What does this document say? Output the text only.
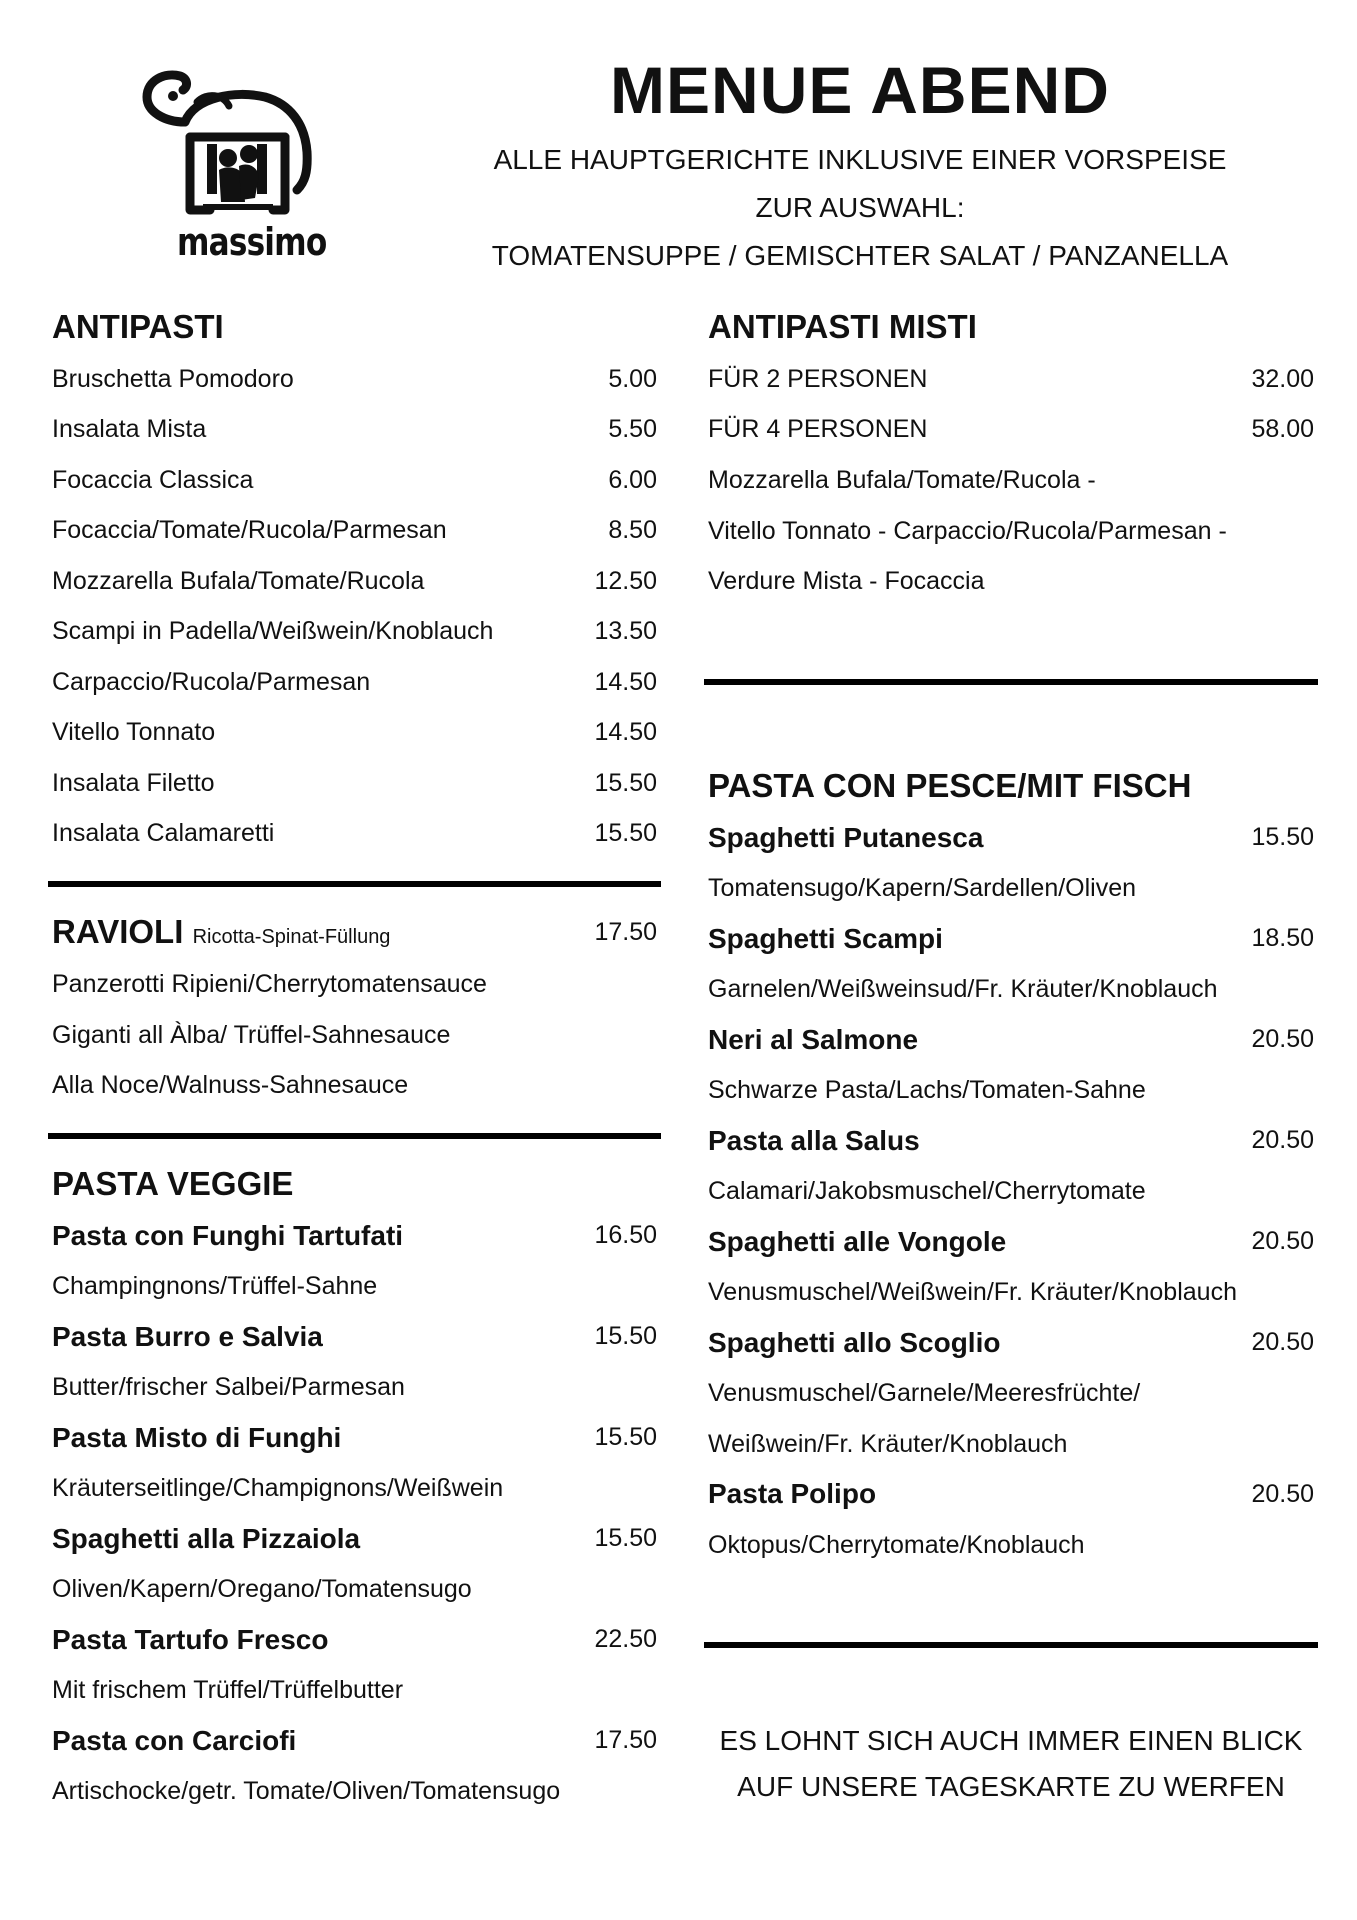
massimo
MENUE ABEND
ALLE HAUPTGERICHTE INKLUSIVE EINER VORSPEISE
ZUR AUSWAHL:
TOMATENSUPPE / GEMISCHTER SALAT / PANZANELLA
ANTIPASTI
Bruschetta Pomodoro	5.00
Insalata Mista	5.50
Focaccia Classica	6.00
Focaccia/Tomate/Rucola/Parmesan	8.50
Mozzarella Bufala/Tomate/Rucola	12.50
Scampi in Padella/Weißwein/Knoblauch	13.50
Carpaccio/Rucola/Parmesan	14.50
Vitello Tonnato	14.50
Insalata Filetto	15.50
Insalata Calamaretti	15.50
RAVIOLI Ricotta-Spinat-Füllung	17.50
Panzerotti Ripieni/Cherrytomatensauce
Giganti all Àlba/ Trüffel-Sahnesauce
Alla Noce/Walnuss-Sahnesauce
PASTA VEGGIE
Pasta con Funghi Tartufati	16.50
Champingnons/Trüffel-Sahne
Pasta Burro e Salvia	15.50
Butter/frischer Salbei/Parmesan
Pasta Misto di Funghi	15.50
Kräuterseitlinge/Champignons/Weißwein
Spaghetti alla Pizzaiola	15.50
Oliven/Kapern/Oregano/Tomatensugo
Pasta Tartufo Fresco	22.50
Mit frischem Trüffel/Trüffelbutter
Pasta con Carciofi	17.50
Artischocke/getr. Tomate/Oliven/Tomatensugo
ANTIPASTI MISTI
FÜR 2 PERSONEN	32.00
FÜR 4 PERSONEN	58.00
Mozzarella Bufala/Tomate/Rucola -
Vitello Tonnato - Carpaccio/Rucola/Parmesan -
Verdure Mista - Focaccia
PASTA CON PESCE/MIT FISCH
Spaghetti Putanesca	15.50
Tomatensugo/Kapern/Sardellen/Oliven
Spaghetti Scampi	18.50
Garnelen/Weißweinsud/Fr. Kräuter/Knoblauch
Neri al Salmone	20.50
Schwarze Pasta/Lachs/Tomaten-Sahne
Pasta alla Salus	20.50
Calamari/Jakobsmuschel/Cherrytomate
Spaghetti alle Vongole	20.50
Venusmuschel/Weißwein/Fr. Kräuter/Knoblauch
Spaghetti allo Scoglio	20.50
Venusmuschel/Garnele/Meeresfrüchte/
Weißwein/Fr. Kräuter/Knoblauch
Pasta Polipo	20.50
Oktopus/Cherrytomate/Knoblauch
ES LOHNT SICH AUCH IMMER EINEN BLICK
AUF UNSERE TAGESKARTE ZU WERFEN
